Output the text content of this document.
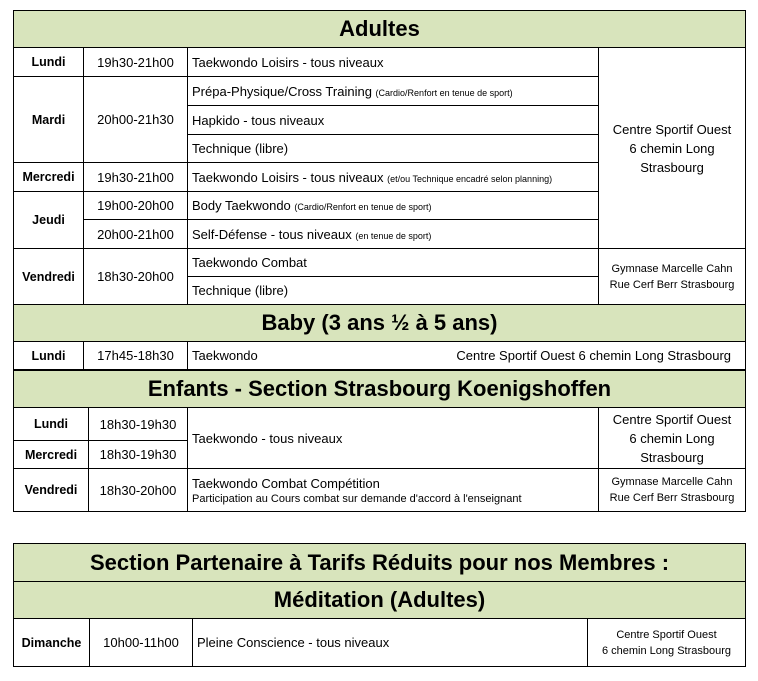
Adultes			
Lundi	19h30-21h00	Taekwondo Loisirs - tous niveaux	Centre Sportif Ouest
6 chemin Long
Strasbourg
Mardi	20h00-21h30	Prépa-Physique/Cross Training (Cardio/Renfort en tenue de sport)	
		Hapkido - tous niveaux	
		Technique (libre)	
Mercredi	19h30-21h00	Taekwondo Loisirs - tous niveaux (et/ou Technique encadré selon planning)	
Jeudi	19h00-20h00	Body Taekwondo (Cardio/Renfort en tenue de sport)	
	20h00-21h00	Self-Défense - tous niveaux (en tenue de sport)	
Vendredi	18h30-20h00	Taekwondo Combat	Gymnase Marcelle Cahn
Rue Cerf Berr Strasbourg
		Technique (libre)	
Baby (3 ans ½ à 5 ans)			
Lundi	17h45-18h30	Taekwondo Centre Sportif Ouest 6 chemin Long Strasbourg	
Enfants - Section Strasbourg Koenigshoffen			
Lundi	18h30-19h30	Taekwondo - tous niveaux	Centre Sportif Ouest
6 chemin Long
Strasbourg
Mercredi	18h30-19h30		
Vendredi	18h30-20h00	Taekwondo Combat Compétition
Participation au Cours combat sur demande d'accord à l'enseignant	Gymnase Marcelle Cahn
Rue Cerf Berr Strasbourg
Section Partenaire à Tarifs Réduits pour nos Membres :
Méditation (Adultes)
Dimanche	10h00-11h00	Pleine Conscience - tous niveaux	Centre Sportif Ouest
6 chemin Long Strasbourg
